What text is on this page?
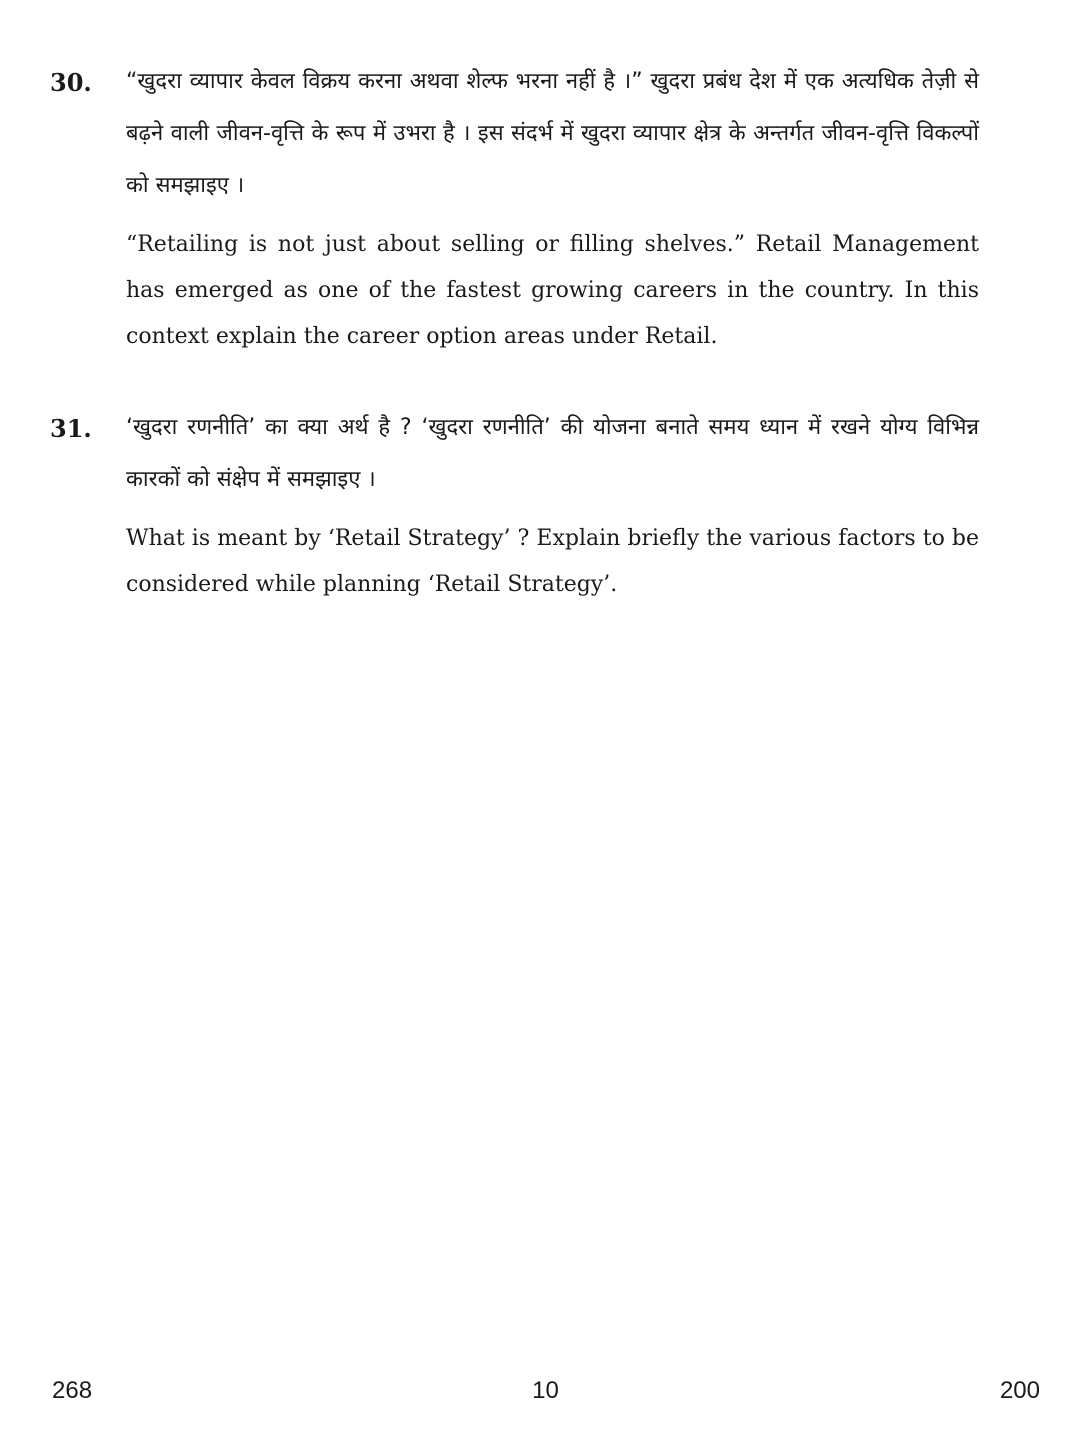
30. “खुदरा व्यापार केवल विक्रय करना अथवा शेल्फ भरना नहीं है ।” खुदरा प्रबंध देश में एक अत्यधिक तेज़ी से बढ़ने वाली जीवन-वृत्ति के रूप में उभरा है । इस संदर्भ में खुदरा व्यापार क्षेत्र के अन्तर्गत जीवन-वृत्ति विकल्पों को समझाइए ।

“Retailing is not just about selling or filling shelves.” Retail Management has emerged as one of the fastest growing careers in the country. In this context explain the career option areas under Retail.

31. ‘खुदरा रणनीति’ का क्या अर्थ है ? ‘खुदरा रणनीति’ की योजना बनाते समय ध्यान में रखने योग्य विभिन्न कारकों को संक्षेप में समझाइए ।

What is meant by ‘Retail Strategy’ ? Explain briefly the various factors to be considered while planning ‘Retail Strategy’.

268	10	200
